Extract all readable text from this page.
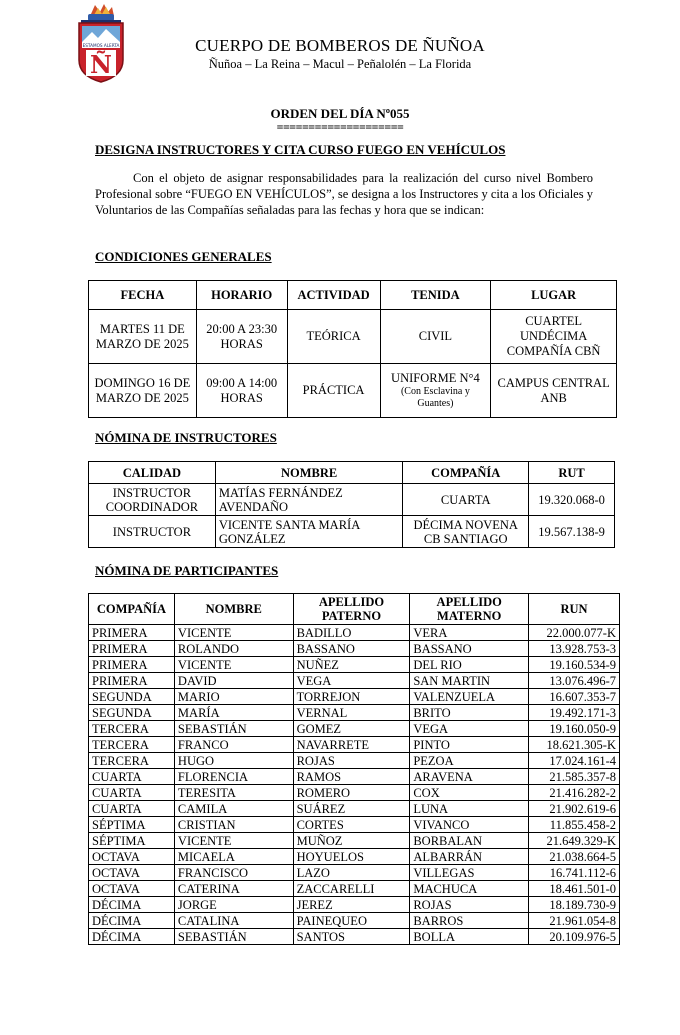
ESTAMOS ALERTA
Ñ
CUERPO DE BOMBEROS DE ÑUÑOA
Ñuñoa – La Reina – Macul – Peñalolén – La Florida
ORDEN DEL DÍA Nº055
====================
DESIGNA INSTRUCTORES Y CITA CURSO FUEGO EN VEHÍCULOS

Con el objeto de asignar responsabilidades para la realización del curso nivel Bombero Profesional sobre “FUEGO EN VEHÍCULOS”, se designa a los Instructores y cita a los Oficiales y Voluntarios de las Compañías señaladas para las fechas y hora que se indican:

CONDICIONES GENERALES
FECHA	HORARIO	ACTIVIDAD	TENIDA	LUGAR
MARTES 11 DE MARZO DE 2025	20:00 A 23:30 HORAS	TEÓRICA	CIVIL	CUARTEL UNDÉCIMA COMPAÑÍA CBÑ
DOMINGO 16 DE MARZO DE 2025	09:00 A 14:00 HORAS	PRÁCTICA	UNIFORME N°4
(Con Esclavina y Guantes)	CAMPUS CENTRAL ANB
NÓMINA DE INSTRUCTORES
CALIDAD	NOMBRE	COMPAÑÍA	RUT
INSTRUCTOR COORDINADOR	MATÍAS FERNÁNDEZ AVENDAÑO	CUARTA	19.320.068-0
INSTRUCTOR	VICENTE SANTA MARÍA GONZÁLEZ	DÉCIMA NOVENA CB SANTIAGO	19.567.138-9
NÓMINA DE PARTICIPANTES
COMPAÑÍA	NOMBRE	APELLIDO PATERNO	APELLIDO MATERNO	RUN
PRIMERA	VICENTE	BADILLO	VERA	22.000.077-K
PRIMERA	ROLANDO	BASSANO	BASSANO	13.928.753-3
PRIMERA	VICENTE	NUÑEZ	DEL RIO	19.160.534-9
PRIMERA	DAVID	VEGA	SAN MARTIN	13.076.496-7
SEGUNDA	MARIO	TORREJON	VALENZUELA	16.607.353-7
SEGUNDA	MARÍA	VERNAL	BRITO	19.492.171-3
TERCERA	SEBASTIÁN	GOMEZ	VEGA	19.160.050-9
TERCERA	FRANCO	NAVARRETE	PINTO	18.621.305-K
TERCERA	HUGO	ROJAS	PEZOA	17.024.161-4
CUARTA	FLORENCIA	RAMOS	ARAVENA	21.585.357-8
CUARTA	TERESITA	ROMERO	COX	21.416.282-2
CUARTA	CAMILA	SUÁREZ	LUNA	21.902.619-6
SÉPTIMA	CRISTIAN	CORTES	VIVANCO	11.855.458-2
SÉPTIMA	VICENTE	MUÑOZ	BORBALAN	21.649.329-K
OCTAVA	MICAELA	HOYUELOS	ALBARRÁN	21.038.664-5
OCTAVA	FRANCISCO	LAZO	VILLEGAS	16.741.112-6
OCTAVA	CATERINA	ZACCARELLI	MACHUCA	18.461.501-0
DÉCIMA	JORGE	JEREZ	ROJAS	18.189.730-9
DÉCIMA	CATALINA	PAINEQUEO	BARROS	21.961.054-8
DÉCIMA	SEBASTIÁN	SANTOS	BOLLA	20.109.976-5
